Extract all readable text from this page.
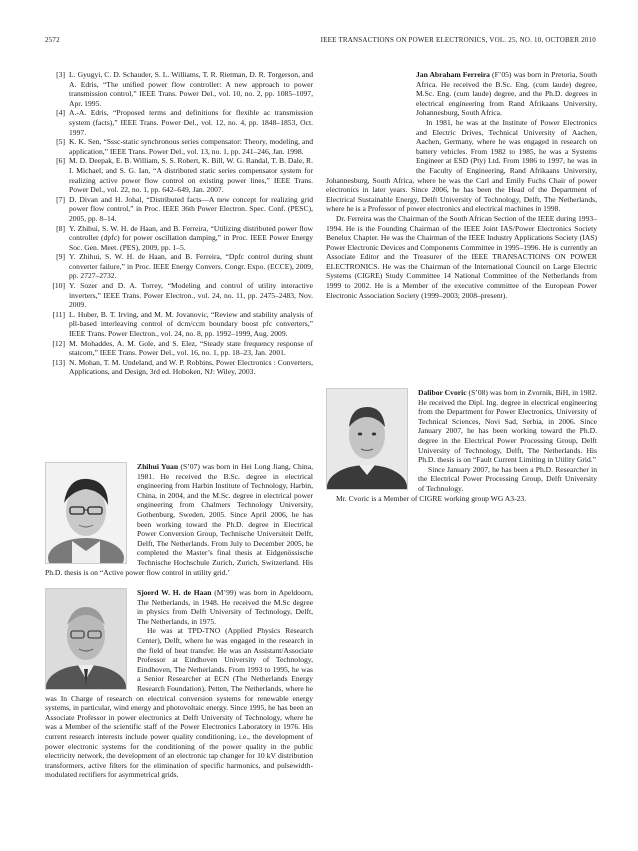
2572	IEEE TRANSACTIONS ON POWER ELECTRONICS, VOL. 25, NO. 10, OCTOBER 2010
[3] L. Gyugyi, C. D. Schauder, S. L. Williams, T. R. Rietman, D. R. Torgerson, and A. Edris, “The unified power flow controller: A new approach to power transmission control,” IEEE Trans. Power Del., vol. 10, no. 2, pp. 1085–1097, Apr. 1995.
[4] A.-A. Edris, “Proposed terms and definitions for flexible ac transmission system (facts),” IEEE Trans. Power Del., vol. 12, no. 4, pp. 1848–1853, Oct. 1997.
[5] K. K. Sen, “Sssc-static synchronous series compensator: Theory, modeling, and application,” IEEE Trans. Power Del., vol. 13, no. 1, pp. 241–246, Jan. 1998.
[6] M. D. Deepak, E. B. William, S. S. Robert, K. Bill, W. G. Randal, T. B. Dale, R. I. Michael, and S. G. Ian, “A distributed static series compensator system for realizing active power flow control on existing power lines,” IEEE Trans. Power Del., vol. 22, no. 1, pp. 642–649, Jan. 2007.
[7] D. Divan and H. Johal, “Distributed facts—A new concept for realizing grid power flow control,” in Proc. IEEE 36th Power Electron. Spec. Conf. (PESC), 2005, pp. 8–14.
[8] Y. Zhihui, S. W. H. de Haan, and B. Ferreira, “Utilizing distributed power flow controller (dpfc) for power oscillation damping,” in Proc. IEEE Power Energy Soc. Gen. Meet. (PES), 2009, pp. 1–5.
[9] Y. Zhihui, S. W. H. de Haan, and B. Ferreira, “Dpfc control during shunt converter failure,” in Proc. IEEE Energy Convers. Congr. Expo. (ECCE), 2009, pp. 2727–2732.
[10] Y. Sozer and D. A. Torrey, “Modeling and control of utility interactive inverters,” IEEE Trans. Power Electron., vol. 24, no. 11, pp. 2475–2483, Nov. 2009.
[11] L. Huber, B. T. Irving, and M. M. Jovanovic, “Review and stability analysis of pll-based interleaving control of dcm/ccm boundary boost pfc converters,” IEEE Trans. Power Electron., vol. 24, no. 8, pp. 1992–1999, Aug. 2009.
[12] M. Mohaddes, A. M. Gole, and S. Elez, “Steady state frequency response of statcom,” IEEE Trans. Power Del., vol. 16, no. 1, pp. 18–23, Jan. 2001.
[13] N. Mohan, T. M. Undeland, and W. P. Robbins, Power Electronics : Converters, Applications, and Design, 3rd ed. Hoboken, NJ: Wiley, 2003.

Zhihui Yuan (S’07) was born in Hei Long Jiang, China, 1981. He received the B.Sc. degree in electrical engineering from Harbin Institute of Technology, Harbin, China, in 2004, and the M.Sc. degree in electrical power engineering from Chalmers Technology University, Gothenburg, Sweden, 2005. Since April 2006, he has been working toward the Ph.D. degree in Electrical Power Conversion Group, Technische Universiteit Delft, Delft, The Netherlands. From July to December 2005, he completed the Master’s final thesis at Eidgenössische Technische Hochschule Zurich, Zurich, Switzerland. His Ph.D. thesis is on “Active power flow control in utility grid.’

Sjoerd W. H. de Haan (M’99) was born in Apeldoorn, The Netherlands, in 1948. He received the M.Sc degree in physics from Delft University of Technology, Delft, The Netherlands, in 1975.

He was at TPD-TNO (Applied Physics Research Center), Delft, where he was engaged in the research in the field of heat transfer. He was an Assistant/Associate Professor at Eindhoven University of Technology, Eindhoven, The Netherlands. From 1993 to 1995, he was a Senior Researcher at ECN (The Netherlands Energy Research Foundation), Petten, The Netherlands, where he was In Charge of research on electrical conversion systems for renewable energy systems, in particular, wind energy and photovoltaic energy. Since 1995, he has been an Associate Professor in power electronics at Delft University of Technology, where he was a Member of the scientific staff of the Power Electronics Laboratory in 1976. His current research interests include power quality conditioning, i.e., the development of power electronic systems for the conditioning of the power quality in the public electricity network, the development of an electronic tap changer for 10 kV distribution transformers, active filters for the elimination of specific harmonics, and pulsewidth-modulated rectifiers for asymmetrical grids.

Jan Abraham Ferreira (F’05) was born in Pretoria, South Africa. He received the B.Sc. Eng. (cum laude) degree, M.Sc. Eng. (cum laude) degree, and the Ph.D. degrees in electrical engineering from Rand Afrikaans University, Johannesburg, South Africa.

In 1981, he was at the Institute of Power Electronics and Electric Drives, Technical University of Aachen, Aachen, Germany, where he was engaged in research on battery vehicles. From 1982 to 1985, he was a Systems Engineer at ESD (Pty) Ltd. From 1986 to 1997, he was in the Faculty of Engineering, Rand Afrikaans University, Johannesburg, South Africa, where he was the Carl and Emily Fuchs Chair of power electronics in later years. Since 2006, he has been the Head of the Department of Electrical Sustainable Energy, Delft University of Technology, Delft, The Netherlands, where he is a Professor of power electronics and electrical machines in 1998.

Dr. Ferreira was the Chairman of the South African Section of the IEEE during 1993–1994. He is the Founding Chairman of the IEEE Joint IAS/Power Electronics Society Benelux Chapter. He was the Chairman of the IEEE Industry Applications Society (IAS) Power Electronic Devices and Components Committee in 1995–1996. He is currently an Associate Editor and the Treasurer of the IEEE TRANSACTIONS ON POWER ELECTRONICS. He was the Chairman of the International Council on Large Electric Systems (CIGRE) Study Committee 14 National Committee of the Netherlands from 1999 to 2002. He is a Member of the executive committee of the European Power Electronic Association Society (1999–2003; 2008–present).

Dalibor Cvoric (S’08) was born in Zvornik, BiH, in 1982. He received the Dipl. Ing. degree in electrical engineering from the Department for Power Electronics, University of Technical Sciences, Novi Sad, Serbia, in 2006. Since January 2007, he has been working toward the Ph.D. degree in the Electrical Power Processing Group, Delft University of Technology, Delft, The Netherlands. His Ph.D. thesis is on “Fault Current Limiting in Utility Grid.”

Since January 2007, he has been a Ph.D. Researcher in the Electrical Power Processing Group, Delft University of Technology.

Mr. Cvoric is a Member of CIGRE working group WG A3-23.
